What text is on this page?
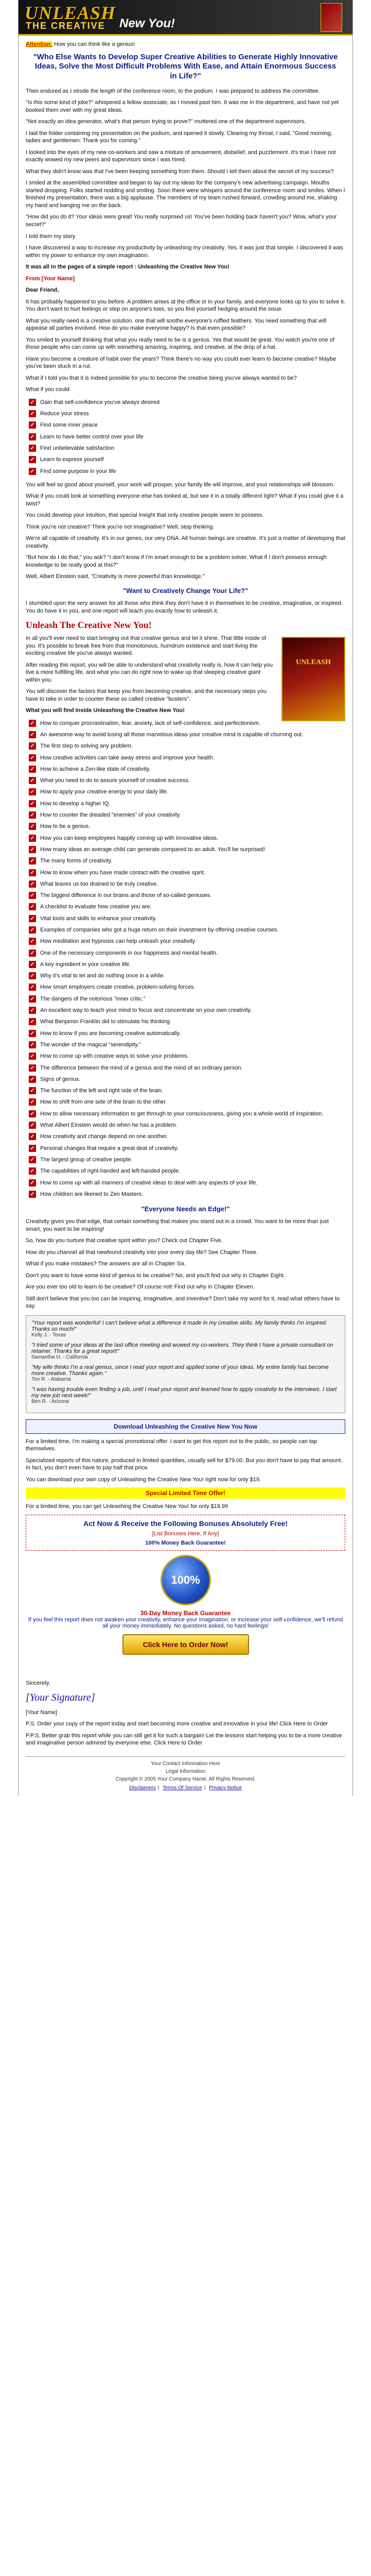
UNLEASH
THE CREATIVE New You!

Attention: How you can think like a genius!

"Who Else Wants to Develop Super Creative Abilities to Generate Highly Innovative Ideas, Solve the Most Difficult Problems With Ease, and Attain Enormous Success in Life?"

Then endured as I strode the length of the conference room, to the podium. I was prepared to address the committee.

"Is this some kind of joke?" whispered a fellow associate, as I moved past him. It was me in the department, and have not yet booked them over with my great ideas.

"Not exactly an idea generator, what's that person trying to prove?" muttered one of the department supervisors.

I laid the folder containing my presentation on the podium, and opened it slowly. Clearing my throat, I said, "Good morning, ladies and gentlemen. Thank you for coming."

I looked into the eyes of my new co-workers and saw a mixture of amusement, disbelief, and puzzlement. It's true I have not exactly wowed my new peers and supervisors since I was hired.

What they didn't know was that I've been keeping something from them. Should I tell them about the secret of my success?

I smiled at the assembled committee and began to lay out my ideas for the company's new advertising campaign. Mouths started dropping. Folks started nodding and smiling. Soon there were whispers around the conference room and smiles. When I finished my presentation, there was a big applause. The members of my team rushed forward, crowding around me, shaking my hand and banging me on the back.

"How did you do it? Your ideas were great! You really surprised us! You've been holding back haven't you? Wow, what's your secret?"

I told them my story.

I have discovered a way to increase my productivity by unleashing my creativity. Yes, it was just that simple. I discovered it was within my power to enhance my own imagination.

It was all in the pages of a simple report : Unleashing the Creative New You!

From [Your Name]

Dear Friend,

It has probably happened to you before. A problem arises at the office or in your family, and everyone looks up to you to solve it. You don't want to hurt feelings or step on anyone's toes, so you find yourself hedging around the issue.

What you really need is a creative solution, one that will soothe everyone's ruffled feathers. You need something that will appease all parties involved. How do you make everyone happy? Is that even possible?

You smiled to yourself thinking that what you really need to be is a genius. Yes that would be great. You watch you're one of those people who can come up with something amazing, inspiring, and creative, at the drop of a hat.

Have you become a creature of habit over the years? Think there's no way you could ever learn to become creative? Maybe you've been stuck in a rut.

What if I told you that it is indeed possible for you to become the creative being you've always wanted to be?

What if you could:

✓ Gain that self-confidence you've always desired
✓ Reduce your stress
✓ Find some inner peace
✓ Learn to have better control over your life
✓ Find unbelievable satisfaction
✓ Learn to express yourself
✓ Find some purpose in your life

You will feel so good about yourself, your work will prosper, your family life will improve, and your relationships will blossom.

What if you could look at something everyone else has looked at, but see it in a totally different light? What if you could give it a twist?

You could develop your intuition, that special insight that only creative people seem to possess.

Think you're not creative? Think you're not imaginative? Well, stop thinking.

We're all capable of creativity. It's in our genes, our very DNA. All human beings are creative. It's just a matter of developing that creativity.

"But how do I do that," you ask? "I don't know if I'm smart enough to be a problem solver. What if I don't possess enough knowledge to be really good at this?"

Well, Albert Einstein said, "Creativity is more powerful than knowledge."

"Want to Creatively Change Your Life?"

I stumbled upon the very answer for all those who think they don't have it in themselves to be creative, imaginative, or inspired. You do have it in you, and one report will teach you exactly how to unleash it.

Unleash The Creative New You!
UNLEASH

In all you'll ever need to start bringing out that creative genius and let it shine. That little inside of you. It's possible to break free from that monotonous, humdrum existence and start living the exciting creative life you've always wanted.

After reading this report, you will be able to understand what creativity really is, how it can help you live a more fulfilling life, and what you can do right now to wake up that sleeping creative giant within you.

You will discover the factors that keep you from becoming creative, and the necessary steps you have to take in order to counter these so called creative "busters".

What you will find inside Unleashing the Creative New You!

✓ How to conquer procrastination, fear, anxiety, lack of self-confidence, and perfectionism.
✓ An awesome way to avoid losing all those marvelous ideas your creative mind is capable of churning out.
✓ The first step to solving any problem.
✓ How creative activities can take away stress and improve your health.
✓ How to achieve a Zen-like state of creativity.
✓ What you need to do to assure yourself of creative success.
✓ How to apply your creative energy to your daily life.
✓ How to develop a higher IQ.
✓ How to counter the dreaded "enemies" of your creativity.
✓ How to be a genius.
✓ How you can keep employees happily coming up with innovative ideas.
✓ How many ideas an average child can generate compared to an adult. You'll be surprised!
✓ The many forms of creativity.
✓ How to know when you have made contact with the creative spirit.
✓ What leaves us too drained to be truly creative.
✓ The biggest difference in our brains and those of so-called geniuses.
✓ A checklist to evaluate how creative you are.
✓ Vital tools and skills to enhance your creativity.
✓ Examples of companies who got a huge return on their investment by offering creative courses.
✓ How meditation and hypnosis can help unleash your creativity.
✓ One of the necessary components in our happiness and mental health.
✓ A key ingredient in your creative life.
✓ Why it's vital to let and do nothing once in a while.
✓ How smart employers create creative, problem-solving forces.
✓ The dangers of the notorious "inner critic."
✓ An excellent way to teach your mind to focus and concentrate on your own creativity.
✓ What Benjamin Franklin did to stimulate his thinking.
✓ How to know if you are becoming creative automatically.
✓ The wonder of the magical "serendipity."
✓ How to come up with creative ways to solve your problems.
✓ The difference between the mind of a genius and the mind of an ordinary person.
✓ Signs of genius.
✓ The function of the left and right side of the brain.
✓ How to shift from one side of the brain to the other.
✓ How to allow necessary information to get through to your consciousness, giving you a whole world of inspiration.
✓ What Albert Einstein would do when he has a problem.
✓ How creativity and change depend on one another.
✓ Personal changes that require a great deal of creativity.
✓ The largest group of creative people.
✓ The capabilities of right-handed and left-handed people.
✓ How to come up with all manners of creative ideas to deal with any aspects of your life.
✓ How children are likened to Zen Masters.
"Everyone Needs an Edge!"

Creativity gives you that edge, that certain something that makes you stand out in a crowd. You want to be more than just smart, you want to be inspiring!

So, how do you nurture that creative spirit within you? Check out Chapter Five.

How do you channel all that newfound creativity into your every day life? See Chapter Three.

What if you make mistakes? The answers are all in Chapter Six.

Don't you want to have some kind of genius to be creative? No, and you'll find out why in Chapter Eight.

Are you ever too old to learn to be creative? Of course not! Find out why in Chapter Eleven.

Still don't believe that you too can be inspiring, imaginative, and inventive? Don't take my word for it, read what others have to say.

"Your report was wonderful! I can't believe what a difference it made in my creative skills. My family thinks I'm inspired. Thanks so much!"
Kelly J. - Texas
"I tried some of your ideas at the last office meeting and wowed my co-workers. They think I have a private consultant on retainer. Thanks for a great report!"
Samantha H. - California
"My wife thinks I'm a real genius, since I read your report and applied some of your ideas. My entire family has become more creative. Thanks again."
Tim R. - Alabama
"I was having trouble even finding a job, until I read your report and learned how to apply creativity to the interviews. I start my new job next week!"
Ben R. - Arizona
Download Unleashing the Creative New You Now

For a limited time, I'm making a special promotional offer. I want to get this report out to the public, so people can tap themselves.

Specialized reports of this nature, produced in limited quantities, usually sell for $79.00. But you don't have to pay that amount. In fact, you don't even have to pay half that price.

You can download your own copy of Unleashing the Creative New You! right now for only $19.

Special Limited Time Offer!

For a limited time, you can get Unleashing the Creative New You! for only $19.99

Act Now & Receive the Following Bonuses Absolutely Free!
[List Bonuses Here, If Any]
100% Money Back Guarantee!
100%
30-Day Money Back Guarantee
If you feel this report does not awaken your creativity, enhance your imagination, or increase your self-confidence, we'll refund all your money immediately. No questions asked, no hard feelings!
Click Here to Order Now!

Sincerely,

[Your Signature]

[Your Name]

P.S. Order your copy of the report today and start becoming more creative and innovative in your life! Click Here to Order

P.P.S. Better grab this report while you can still get it for such a bargain! Let the lessons start helping you to be a more creative and imaginative person admired by everyone else. Click Here to Order

Your Contact Information Here
Legal Information
Copyright © 2005 Your Company Name. All Rights Reserved.
Disclaimers | Terms Of Service | Privacy Notice
